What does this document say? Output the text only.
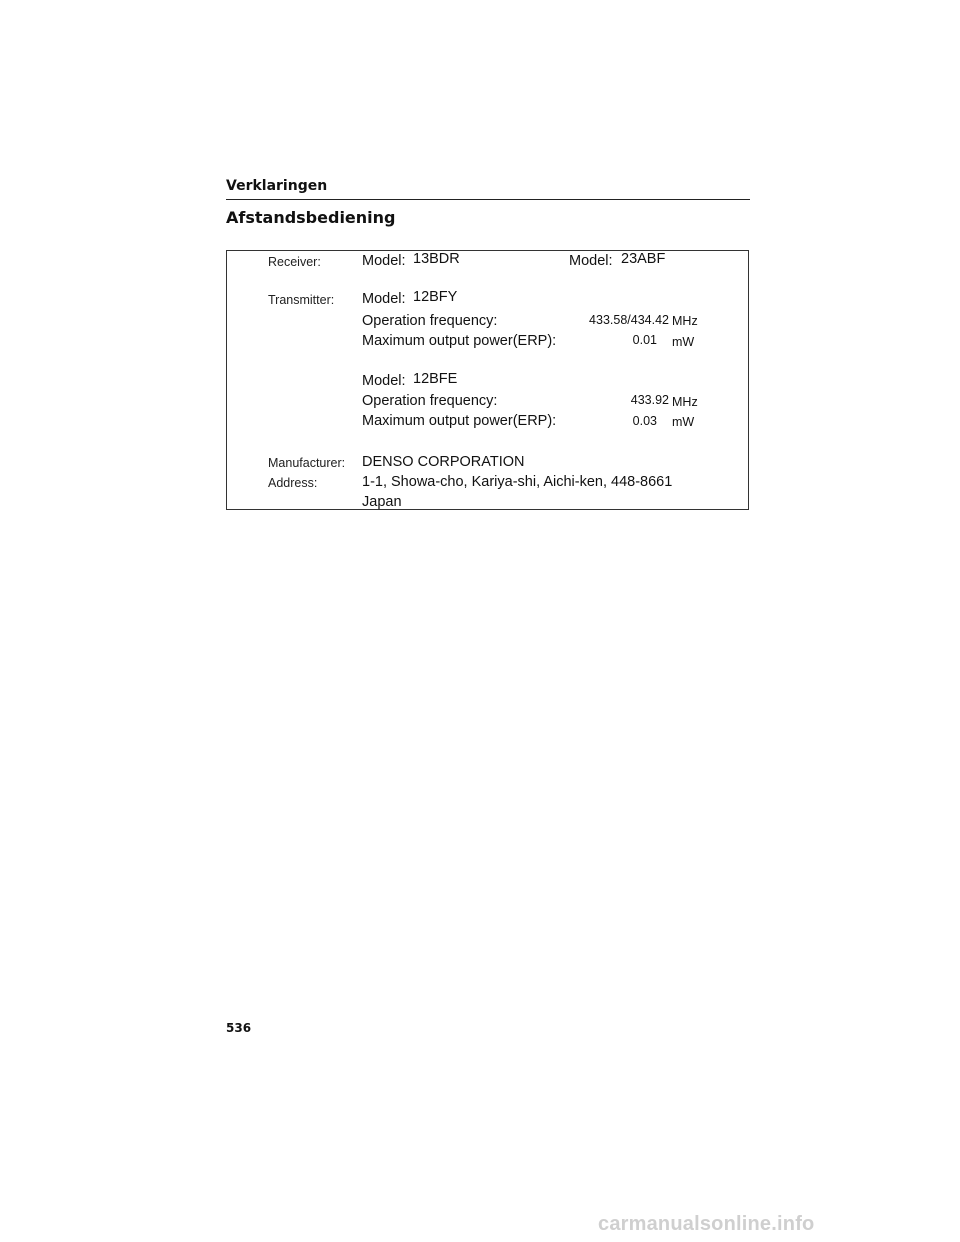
Verklaringen
Afstandsbediening
Receiver:	Model: 13BDR	Model: 23ABF
Transmitter: Model: 12BFY
Operation frequency:	433.58/434.42 MHz
Maximum output power(ERP):	0.01 mW
Model: 12BFE
Operation frequency:	433.92 MHz
Maximum output power(ERP):	0.03 mW
Manufacturer: DENSO CORPORATION
Address:	1-1, Showa-cho, Kariya-shi, Aichi-ken, 448-8661
Japan
536
carmanualsonline.info
